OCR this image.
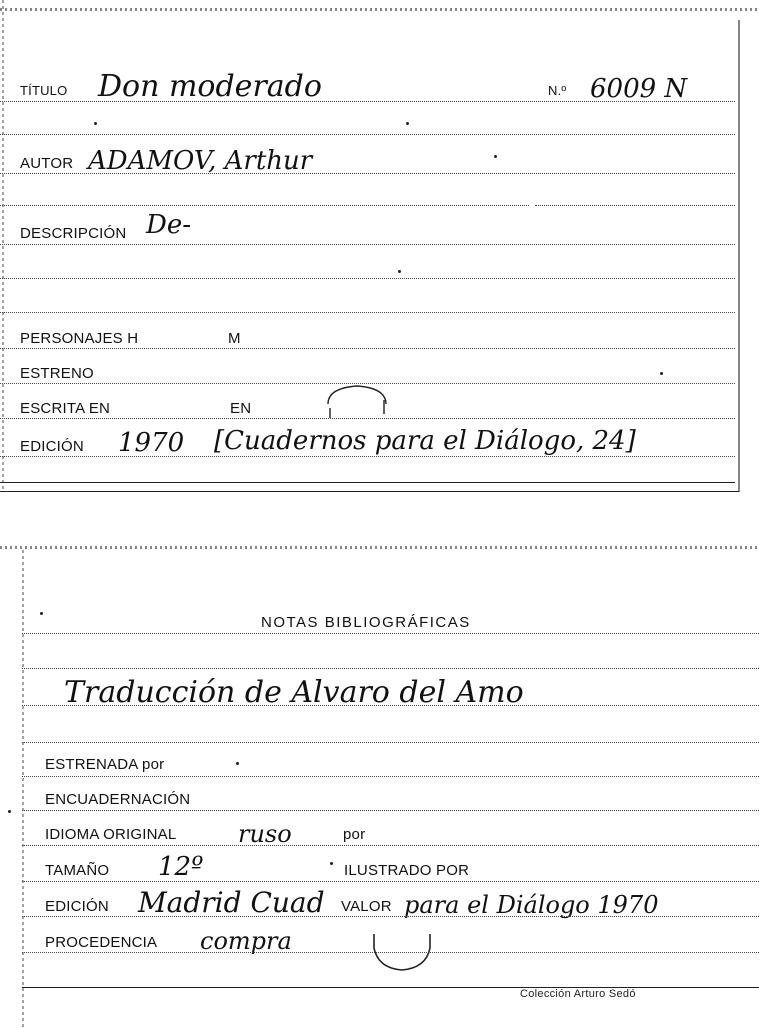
TÍTULO Don moderado	N.º 6009 N
AUTOR ADAMOV, Arthur
DESCRIPCIÓN De-
PERSONAJES H	M
ESTRENO
ESCRITA EN	EN
EDICIÓN 1970 [Cuadernos para el Diálogo, 24]
NOTAS BIBLIOGRÁFICAS
Traducción de Alvaro del Amo
ESTRENADA por
ENCUADERNACIÓN
IDIOMA ORIGINAL	ruso	por
TAMAÑO 12º	ILUSTRADO POR
EDICIÓN Madrid Cuad VALOR para el Diálogo 1970
PROCEDENCIA compra
Colección Arturo Sedó
